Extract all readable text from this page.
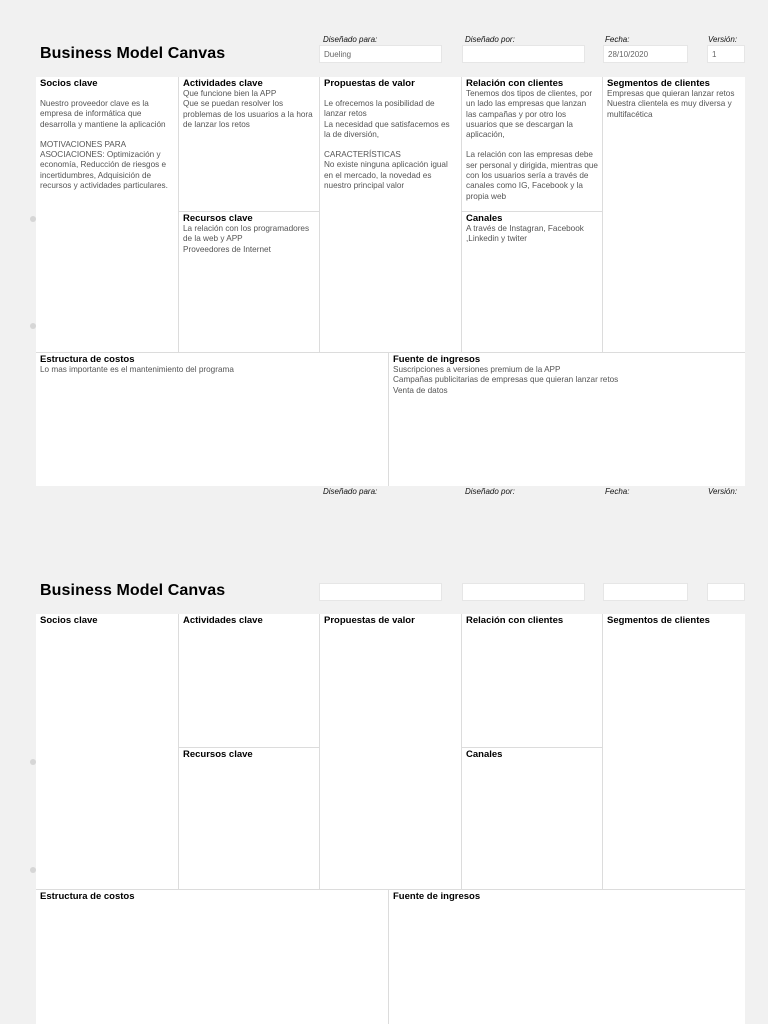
Business Model Canvas
Diseñado para:
Dueling
Diseñado por:	Fecha:
28/10/2020
Versión:
1
Socios clave
Nuestro proveedor clave es la empresa de informática que desarrolla y mantiene la aplicación
MOTIVACIONES PARA ASOCIACIONES: Optimización y economía, Reducción de riesgos e incertidumbres, Adquisición de recursos y actividades particulares.
Actividades clave
Que funcione bien la APP
Que se puedan resolver los problemas de los usuarios a la hora de lanzar los retos
Recursos clave
La relación con los programadores de la web y APP
Proveedores de Internet
Propuestas de valor
Le ofrecemos la posibilidad de lanzar retos
La necesidad que satisfacemos es la de diversión,
CARACTERÍSTICAS
No existe ninguna aplicación igual en el mercado, la novedad es nuestro principal valor
Relación con clientes
Tenemos dos tipos de clientes, por un lado las empresas que lanzan las campañas y por otro los usuarios que se descargan la aplicación,
La relación con las empresas debe ser personal y dirigida, mientras que con los usuarios sería a través de canales como IG, Facebook y la propia web
Canales
A través de Instagran, Facebook ,Linkedin y twiter
Segmentos de clientes
Empresas que quieran lanzar retos
Nuestra clientela es muy diversa y multifacética
Estructura de costos
Lo mas importante es el mantenimiento del programa
Fuente de ingresos
Suscripciones a versiones premium de la APP
Campañas publicitarias de empresas que quieran lanzar retos
Venta de datos
Diseñado para:	Diseñado por:	Fecha:	Versión:
Business Model Canvas
Socios clave	Actividades clave
Recursos clave
Propuestas de valor	Relación con clientes
Canales
Segmentos de clientes
Estructura de costos	Fuente de ingresos
